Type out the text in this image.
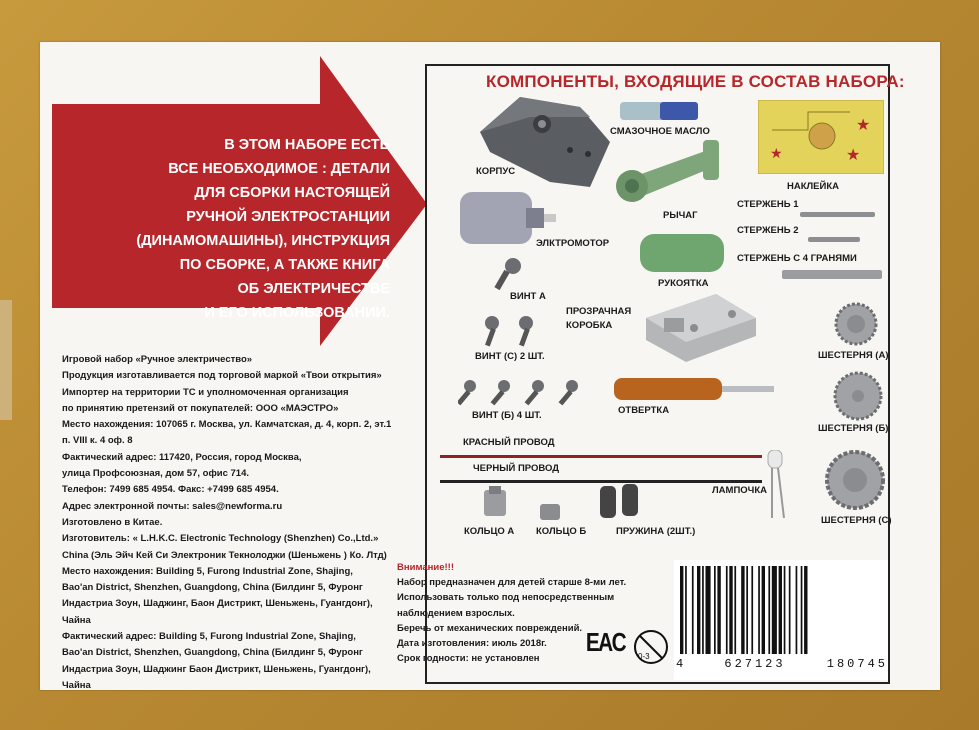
В ЭТОМ НАБОРЕ ЕСТЬ
ВСЕ НЕОБХОДИМОЕ : ДЕТАЛИ
ДЛЯ СБОРКИ НАСТОЯЩЕЙ
РУЧНОЙ ЭЛЕКТРОСТАНЦИИ
(ДИНАМОМАШИНЫ), ИНСТРУКЦИЯ
ПО СБОРКЕ, А ТАКЖЕ КНИГА
ОБ ЭЛЕКТРИЧЕСТВЕ
И ЕГО ИСПОЛЬЗОВАНИИ.
Игровой набор «Ручное электричество»
Продукция изготавливается под торговой маркой «Твои открытия»
Импортер на территории ТС и уполномоченная организация
по принятию претензий от покупателей: ООО «МАЭСТРО»
Место нахождения: 107065 г. Москва, ул. Камчатская, д. 4, корп. 2, эт.1 п. VIII к. 4 оф. 8
Фактический адрес: 117420, Россия, город Москва,
улица Профсоюзная, дом 57, офис 714.
Телефон: 7499 685 4954. Факс: +7499 685 4954.
Адрес электронной почты: sales@newforma.ru
Изготовлено в Китае.
Изготовитель: « L.H.K.C. Electronic Technology (Shenzhen) Co.,Ltd.»
China (Эль Эйч Кей Си Электроник Текнолоджи (Шеньжень ) Ко. Лтд)
Место нахождения: Building 5, Furong Industrial Zone, Shajing,
Bao'an District, Shenzhen, Guangdong, China (Билдинг 5, Фуронг
Индастриа Зоун, Шаджинг, Баон Дистрикт, Шеньжень, Гуангдонг),
Чайна
Фактический адрес: Building 5, Furong Industrial Zone, Shajing,
Bao'an District, Shenzhen, Guangdong, China (Билдинг 5, Фуронг
Индастриа Зоун, Шаджинг Баон Дистрикт, Шеньжень, Гуангдонг),
Чайна
КОМПОНЕНТЫ, ВХОДЯЩИЕ В СОСТАВ НАБОРА:
КОРПУС
СМАЗОЧНОЕ МАСЛО	★
★
★
НАКЛЕЙКА
РЫЧАГ
СТЕРЖЕНЬ 1
СТЕРЖЕНЬ 2
СТЕРЖЕНЬ С 4 ГРАНЯМИ
ЭЛКТРОМОТОР
РУКОЯТКА
ВИНТ А
ПРОЗРАЧНАЯ
КОРОБКА
ВИНТ (С) 2 ШТ.	ШЕСТЕРНЯ (А)
ОТВЕРТКА
ВИНТ (Б) 4 ШТ.
ШЕСТЕРНЯ (Б)
КРАСНЫЙ ПРОВОД
ЧЕРНЫЙ ПРОВОД
ЛАМПОЧКА
ШЕСТЕРНЯ (С)
КОЛЬЦО А КОЛЬЦО Б	ПРУЖИНА (2ШТ.)
Внимание!!!
Набор предназначен для детей старше 8-ми лет.
Использовать только под непосредственным
наблюдением взрослых.
Беречь от механических повреждений.
Дата изготовления: июль 2018г.
Срок годности: не установлен
EAC 0-3
4	627123	180745
